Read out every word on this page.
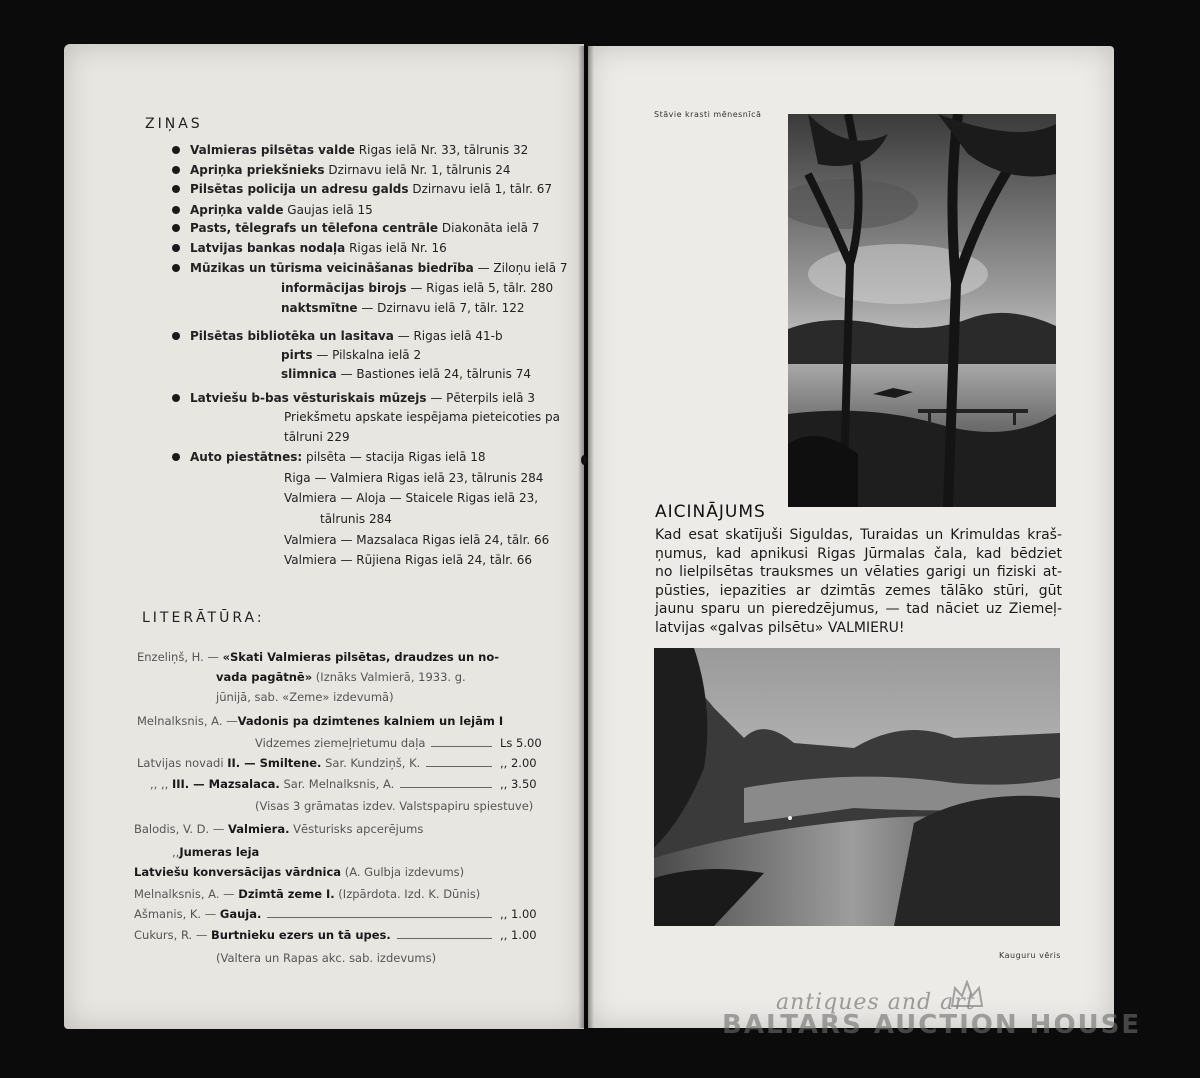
ZIŅAS
Valmieras pilsētas valde Rigas ielā Nr. 33, tālrunis 32
Apriņka priekšnieks Dzirnavu ielā Nr. 1, tālrunis 24
Pilsētas policija un adresu galds Dzirnavu ielā 1, tālr. 67
Apriņka valde Gaujas ielā 15
Pasts, tēlegrafs un tēlefona centrāle Diakonāta ielā 7
Latvijas bankas nodaļa Rigas ielā Nr. 16
Mūzikas un tūrisma veicināšanas biedrība — Ziloņu ielā 7
informācijas birojs — Rigas ielā 5, tālr. 280
naktsmītne — Dzirnavu ielā 7, tālr. 122
Pilsētas bibliotēka un lasitava — Rigas ielā 41-b
pirts — Pilskalna ielā 2
slimnica — Bastiones ielā 24, tālrunis 74
Latviešu b-bas vēsturiskais mūzejs — Pēterpils ielā 3
Priekšmetu apskate iespējama pieteicoties pa
tālruni 229
Auto piestātnes: pilsēta — stacija Rigas ielā 18
Riga — Valmiera Rigas ielā 23, tālrunis 284
Valmiera — Aloja — Staicele Rigas ielā 23,
tālrunis 284
Valmiera — Mazsalaca Rigas ielā 24, tālr. 66
Valmiera — Rūjiena Rigas ielā 24, tālr. 66
LITERĀTŪRA:
Enzeliņš, H. — «Skati Valmieras pilsētas, draudzes un no-
vada pagātnē» (Iznāks Valmierā, 1933. g.
jūnijā, sab. «Zeme» izdevumā)
Melnalksnis, A. —Vadonis pa dzimtenes kalniem un lejām I
Vidzemes ziemeļrietumu daļa	Ls 5.00
Latvijas novadi II. — Smiltene. Sar. Kundziņš, K.	,, 2.00
,, ,, III. — Mazsalaca. Sar. Melnalksnis, A.	,, 3.50
(Visas 3 grāmatas izdev. Valstspapiru spiestuve)
Balodis, V. D. — Valmiera. Vēsturisks apcerējums
,,Jumeras leja
Latviešu konversācijas vārdnica (A. Gulbja izdevums)
Melnalksnis, A. — Dzimtā zeme I. (Izpārdota. Izd. K. Dūnis)
Ašmanis, K. — Gauja.	,, 1.00
Cukurs, R. — Burtnieku ezers un tā upes.	,, 1.00
(Valtera un Rapas akc. sab. izdevums)
Stāvie krasti mēnesnīcā
AICINĀJUMS
Kad esat skatījuši Siguldas, Turaidas un Krimuldas kraš-
ņumus, kad apnikusi Rigas Jūrmalas čala, kad bēdziet
no lielpilsētas trauksmes un vēlaties garigi un fiziski at-
pūsties, iepazities ar dzimtās zemes tālāko stūri, gūt
jaunu sparu un pieredzējumus, — tad nāciet uz Ziemeļ-
latvijas «galvas pilsētu» VALMIERU!
Kauguru vēris
antiques and art
BALTARS AUCTION HOUSE
